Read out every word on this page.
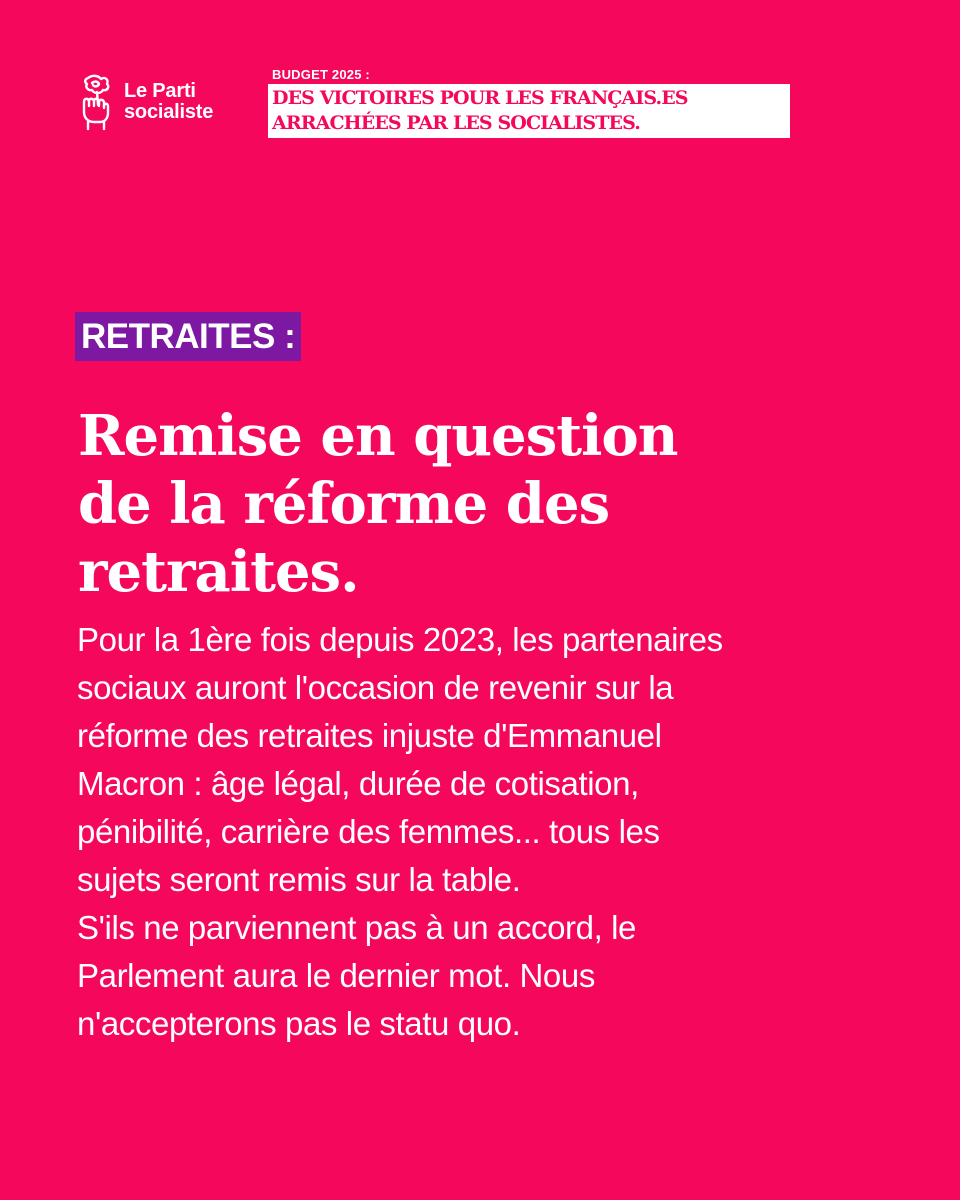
Le Parti
socialiste
BUDGET 2025 :
DES VICTOIRES POUR LES FRANÇAIS.ES
ARRACHÉES PAR LES SOCIALISTES.
RETRAITES :
Remise en question
de la réforme des
retraites.
Pour la 1ère fois depuis 2023, les partenaires
sociaux auront l'occasion de revenir sur la
réforme des retraites injuste d'Emmanuel
Macron : âge légal, durée de cotisation,
pénibilité, carrière des femmes... tous les
sujets seront remis sur la table.
S'ils ne parviennent pas à un accord, le
Parlement aura le dernier mot. Nous
n'accepterons pas le statu quo.
